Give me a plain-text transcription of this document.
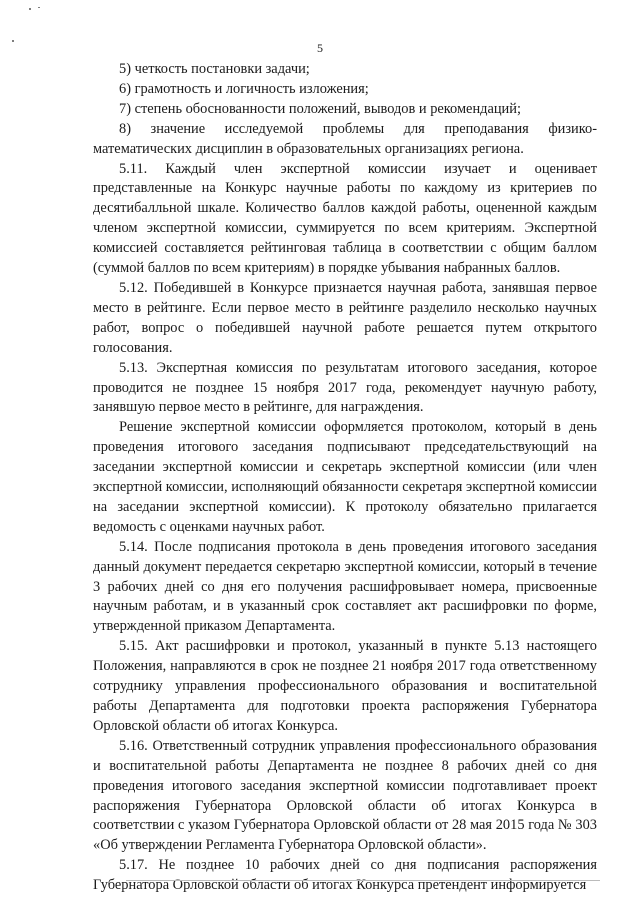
5

5) четкость постановки задачи;

6) грамотность и логичность изложения;

7) степень обоснованности положений, выводов и рекомендаций;

8) значение исследуемой проблемы для преподавания физико-математических дисциплин в образовательных организациях региона.

5.11. Каждый член экспертной комиссии изучает и оценивает представленные на Конкурс научные работы по каждому из критериев по десятибалльной шкале. Количество баллов каждой работы, оцененной каждым членом экспертной комиссии, суммируется по всем критериям. Экспертной комиссией составляется рейтинговая таблица в соответствии с общим баллом (суммой баллов по всем критериям) в порядке убывания набранных баллов.

5.12. Победившей в Конкурсе признается научная работа, занявшая первое место в рейтинге. Если первое место в рейтинге разделило несколько научных работ, вопрос о победившей научной работе решается путем открытого голосования.

5.13. Экспертная комиссия по результатам итогового заседания, которое проводится не позднее 15 ноября 2017 года, рекомендует научную работу, занявшую первое место в рейтинге, для награждения.

Решение экспертной комиссии оформляется протоколом, который в день проведения итогового заседания подписывают председательствующий на заседании экспертной комиссии и секретарь экспертной комиссии (или член экспертной комиссии, исполняющий обязанности секретаря экспертной комиссии на заседании экспертной комиссии). К протоколу обязательно прилагается ведомость с оценками научных работ.

5.14. После подписания протокола в день проведения итогового заседания данный документ передается секретарю экспертной комиссии, который в течение 3 рабочих дней со дня его получения расшифровывает номера, присвоенные научным работам, и в указанный срок составляет акт расшифровки по форме, утвержденной приказом Департамента.

5.15. Акт расшифровки и протокол, указанный в пункте 5.13 настоящего Положения, направляются в срок не позднее 21 ноября 2017 года ответственному сотруднику управления профессионального образования и воспитательной работы Департамента для подготовки проекта распоряжения Губернатора Орловской области об итогах Конкурса.

5.16. Ответственный сотрудник управления профессионального образования и воспитательной работы Департамента не позднее 8 рабочих дней со дня проведения итогового заседания экспертной комиссии подготавливает проект распоряжения Губернатора Орловской области об итогах Конкурса в соответствии с указом Губернатора Орловской области от 28 мая 2015 года № 303 «Об утверждении Регламента Губернатора Орловской области».

5.17. Не позднее 10 рабочих дней со дня подписания распоряжения Губернатора Орловской области об итогах Конкурса претендент информируется
